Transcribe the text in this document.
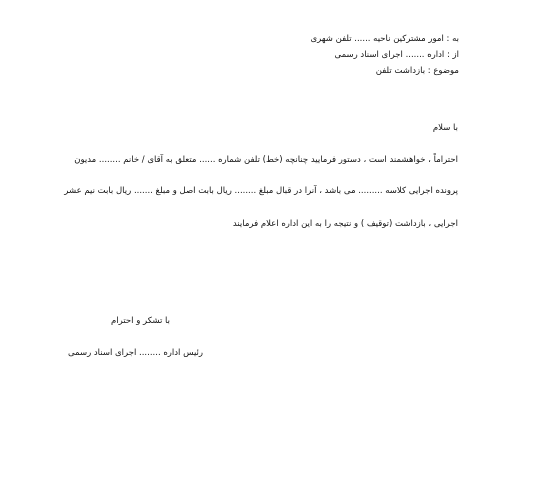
به : امور مشترکین ناحیه ...... تلفن شهری
از : اداره ....... اجرای اسناد رسمی
موضوع : بازداشت تلفن
با سلام
احتراماً ، خواهشمند است ، دستور فرمایید چنانچه (خط) تلفن شماره ...... متعلق به آقای / خانم ........ مدیون
پرونده اجرایی کلاسه ......... می باشد ، آنرا در قبال مبلغ ........ ریال بابت اصل و مبلغ ....... ریال بابت نیم عشر
اجرایی ، بازداشت (توقیف ) و نتیجه را به این اداره اعلام فرمایند
با تشکر و احترام
رئیس اداره ........ اجرای اسناد رسمی
